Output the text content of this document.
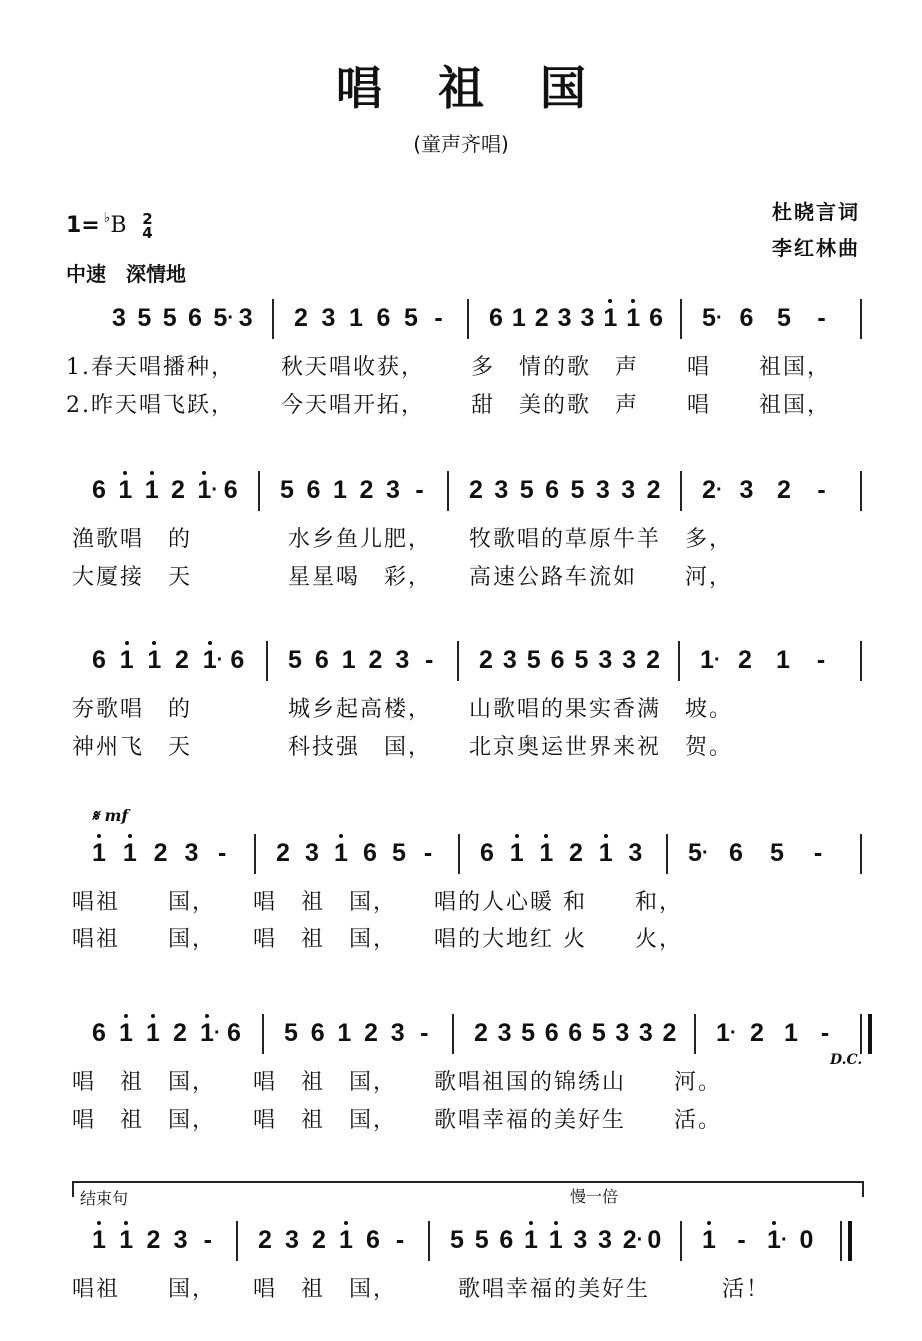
唱 祖 国
(童声齐唱)
杜晓言词
李红林曲
1= ♭B 2
4
中速　深情地
3 5 5 6 5 · 3 2 3 1 6 5 - 6 1 2 3 3 1 1 6 5 · 6 5 -
1.春天唱播种，　　 秋天唱收获，　　 多　情的歌　声　　唱　　祖国，
2.昨天唱飞跃，　　 今天唱开拓，　　 甜　美的歌　声　　唱　　祖国，
6 1 1 2 1 · 6 5 6 1 2 3 - 2 3 5 6 5 3 3 2 2 · 3 2 -
渔歌唱　的　　　　水乡鱼儿肥，　　牧歌唱的草原牛羊　多，
大厦接　天　　　　星星喝　彩，　　高速公路车流如　　河，
6 1 1 2 1 · 6 5 6 1 2 3 - 2 3 5 6 5 3 3 2 1 · 2 1 -
夯歌唱　的　　　　城乡起高楼，　　山歌唱的果实香满　坡。
神州飞　天　　　　科技强　国，　　北京奥运世界来祝　贺。
1 1 2 3 - 2 3 1 6 5 - 6 1 1 2 1 3 5 · 6 5 -
唱祖　　国，　　唱　祖　国，　　唱的人心暖 和　　和，
唱祖　　国，　　唱　祖　国，　　唱的大地红 火　　火，
6 1 1 2 1 · 6 5 6 1 2 3 - 2 3 5 6 6 5 3 3 2 1 · 2 1 -
唱　祖　国，　　唱　祖　国，　　歌唱祖国的锦绣山　　河。
唱　祖　国，　　唱　祖　国，　　歌唱幸福的美好生　　活。
1 1 2 3 - 2 3 2 1 6 - 5 5 6 1 1 3 3 2 · 0 1 - 1 · 0
唱祖　　国，　　唱　祖　国，　　　歌唱幸福的美好生　　　活！
𝄋 mf
D.C.
结束句	慢一倍
